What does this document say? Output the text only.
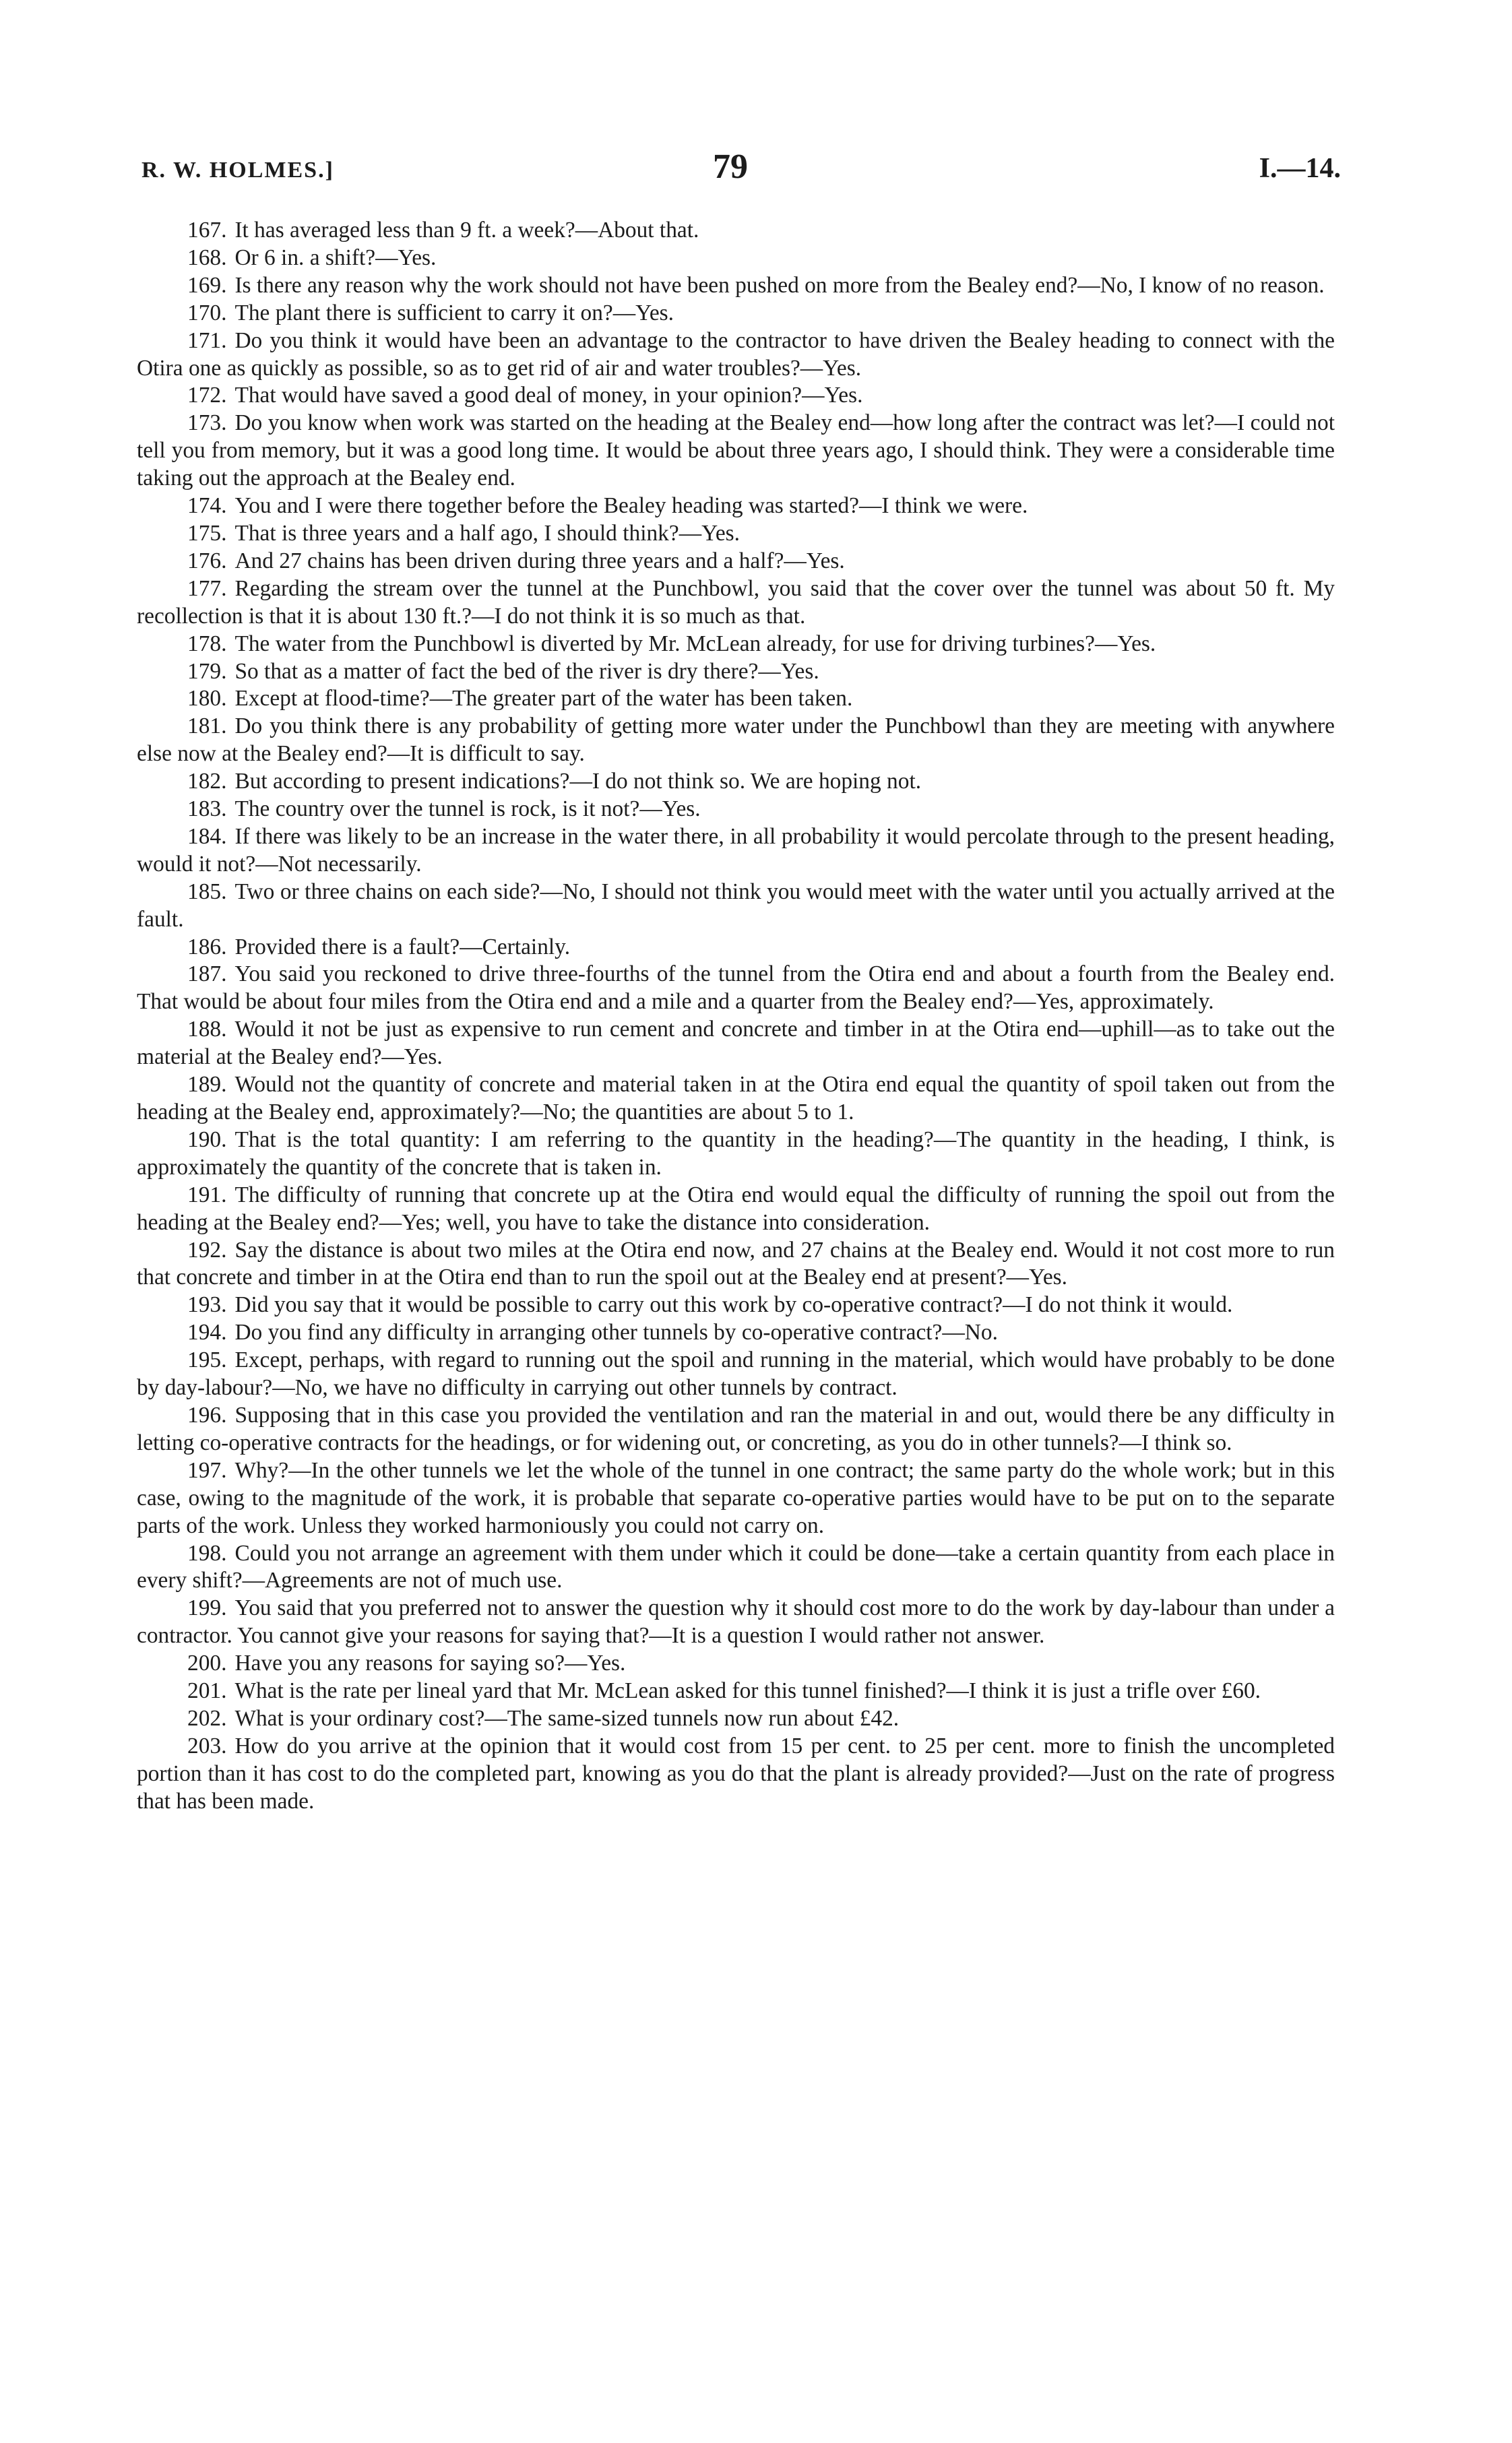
R. W. HOLMES.]	79	I.—14.

167. It has averaged less than 9 ft. a week?—About that.

168. Or 6 in. a shift?—Yes.

169. Is there any reason why the work should not have been pushed on more from the Bealey end?—No, I know of no reason.

170. The plant there is sufficient to carry it on?—Yes.

171. Do you think it would have been an advantage to the contractor to have driven the Bealey heading to connect with the Otira one as quickly as possible, so as to get rid of air and water troubles?—Yes.

172. That would have saved a good deal of money, in your opinion?—Yes.

173. Do you know when work was started on the heading at the Bealey end—how long after the contract was let?—I could not tell you from memory, but it was a good long time. It would be about three years ago, I should think. They were a considerable time taking out the approach at the Bealey end.

174. You and I were there together before the Bealey heading was started?—I think we were.

175. That is three years and a half ago, I should think?—Yes.

176. And 27 chains has been driven during three years and a half?—Yes.

177. Regarding the stream over the tunnel at the Punchbowl, you said that the cover over the tunnel was about 50 ft. My recollection is that it is about 130 ft.?—I do not think it is so much as that.

178. The water from the Punchbowl is diverted by Mr. McLean already, for use for driving turbines?—Yes.

179. So that as a matter of fact the bed of the river is dry there?—Yes.

180. Except at flood-time?—The greater part of the water has been taken.

181. Do you think there is any probability of getting more water under the Punchbowl than they are meeting with anywhere else now at the Bealey end?—It is difficult to say.

182. But according to present indications?—I do not think so. We are hoping not.

183. The country over the tunnel is rock, is it not?—Yes.

184. If there was likely to be an increase in the water there, in all probability it would percolate through to the present heading, would it not?—Not necessarily.

185. Two or three chains on each side?—No, I should not think you would meet with the water until you actually arrived at the fault.

186. Provided there is a fault?—Certainly.

187. You said you reckoned to drive three-fourths of the tunnel from the Otira end and about a fourth from the Bealey end. That would be about four miles from the Otira end and a mile and a quarter from the Bealey end?—Yes, approximately.

188. Would it not be just as expensive to run cement and concrete and timber in at the Otira end—uphill—as to take out the material at the Bealey end?—Yes.

189. Would not the quantity of concrete and material taken in at the Otira end equal the quantity of spoil taken out from the heading at the Bealey end, approximately?—No; the quantities are about 5 to 1.

190. That is the total quantity: I am referring to the quantity in the heading?—The quantity in the heading, I think, is approximately the quantity of the concrete that is taken in.

191. The difficulty of running that concrete up at the Otira end would equal the difficulty of running the spoil out from the heading at the Bealey end?—Yes; well, you have to take the distance into consideration.

192. Say the distance is about two miles at the Otira end now, and 27 chains at the Bealey end. Would it not cost more to run that concrete and timber in at the Otira end than to run the spoil out at the Bealey end at present?—Yes.

193. Did you say that it would be possible to carry out this work by co-operative contract?—I do not think it would.

194. Do you find any difficulty in arranging other tunnels by co-operative contract?—No.

195. Except, perhaps, with regard to running out the spoil and running in the material, which would have probably to be done by day-labour?—No, we have no difficulty in carrying out other tunnels by contract.

196. Supposing that in this case you provided the ventilation and ran the material in and out, would there be any difficulty in letting co-operative contracts for the headings, or for widening out, or concreting, as you do in other tunnels?—I think so.

197. Why?—In the other tunnels we let the whole of the tunnel in one contract; the same party do the whole work; but in this case, owing to the magnitude of the work, it is probable that separate co-operative parties would have to be put on to the separate parts of the work. Unless they worked harmoniously you could not carry on.

198. Could you not arrange an agreement with them under which it could be done—take a certain quantity from each place in every shift?—Agreements are not of much use.

199. You said that you preferred not to answer the question why it should cost more to do the work by day-labour than under a contractor. You cannot give your reasons for saying that?—It is a question I would rather not answer.

200. Have you any reasons for saying so?—Yes.

201. What is the rate per lineal yard that Mr. McLean asked for this tunnel finished?—I think it is just a trifle over £60.

202. What is your ordinary cost?—The same-sized tunnels now run about £42.

203. How do you arrive at the opinion that it would cost from 15 per cent. to 25 per cent. more to finish the uncompleted portion than it has cost to do the completed part, knowing as you do that the plant is already provided?—Just on the rate of progress that has been made.
